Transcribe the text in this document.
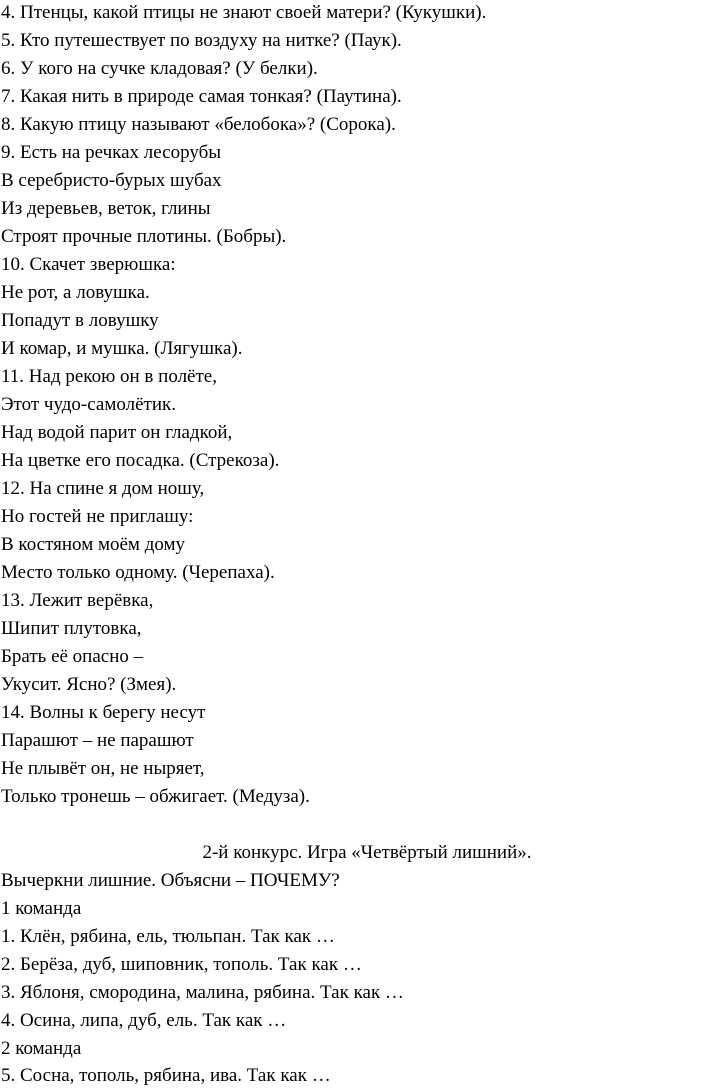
4. Птенцы, какой птицы не знают своей матери? (Кукушки).
5. Кто путешествует по воздуху на нитке? (Паук).
6. У кого на сучке кладовая? (У белки).
7. Какая нить в природе самая тонкая? (Паутина).
8. Какую птицу называют «белобока»? (Сорока).
9. Есть на речках лесорубы
В серебристо-бурых шубах
Из деревьев, веток, глины
Строят прочные плотины. (Бобры).
10. Скачет зверюшка:
Не рот, а ловушка.
Попадут в ловушку
И комар, и мушка. (Лягушка).
11. Над рекою он в полёте,
Этот чудо-самолётик.
Над водой парит он гладкой,
На цветке его посадка. (Стрекоза).
12. На спине я дом ношу,
Но гостей не приглашу:
В костяном моём дому
Место только одному. (Черепаха).
13. Лежит верёвка,
Шипит плутовка,
Брать её опасно –
Укусит. Ясно? (Змея).
14. Волны к берегу несут
Парашют – не парашют
Не плывёт он, не ныряет,
Только тронешь – обжигает. (Медуза).
2-й конкурс. Игра «Четвёртый лишний».
Вычеркни лишние. Объясни – ПОЧЕМУ?
1 команда
1. Клён, рябина, ель, тюльпан. Так как …
2. Берёза, дуб, шиповник, тополь. Так как …
3. Яблоня, смородина, малина, рябина. Так как …
4. Осина, липа, дуб, ель. Так как …
2 команда
5. Сосна, тополь, рябина, ива. Так как …
